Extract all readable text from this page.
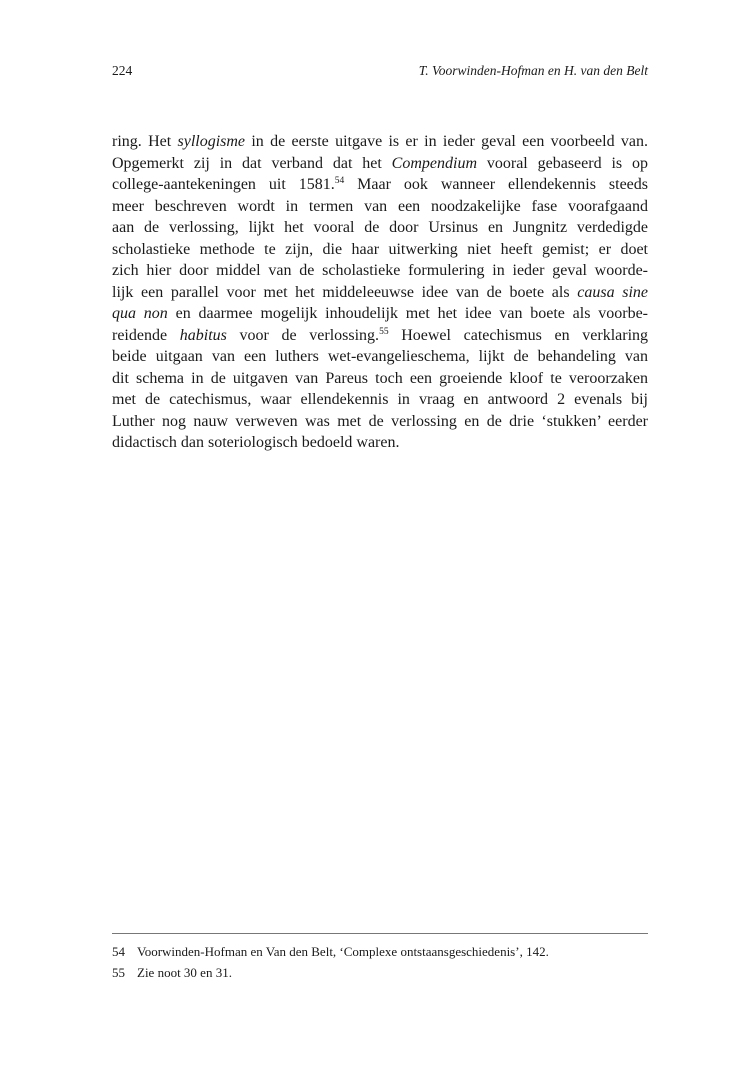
224	T. Voorwinden-Hofman en H. van den Belt
ring. Het syllogisme in de eerste uitgave is er in ieder geval een voorbeeld van.
Opgemerkt zij in dat verband dat het Compendium vooral gebaseerd is op
college-aantekeningen uit 1581.54 Maar ook wanneer ellendekennis steeds
meer beschreven wordt in termen van een noodzakelijke fase voorafgaand
aan de verlossing, lijkt het vooral de door Ursinus en Jungnitz verdedigde
scholastieke methode te zijn, die haar uitwerking niet heeft gemist; er doet
zich hier door middel van de scholastieke formulering in ieder geval woorde-
lijk een parallel voor met het middeleeuwse idee van de boete als causa sine
qua non en daarmee mogelijk inhoudelijk met het idee van boete als voorbe-
reidende habitus voor de verlossing.$^{55}$ Hoewel catechismus en verklaring
beide uitgaan van een luthers wet-evangelieschema, lijkt de behandeling van
dit schema in de uitgaven van Pareus toch een groeiende kloof te veroorzaken
met de catechismus, waar ellendekennis in vraag en antwoord 2 evenals bij
Luther nog nauw verweven was met de verlossing en de drie ‘stukken’ eerder
didactisch dan soteriologisch bedoeld waren.
54 Voorwinden-Hofman en Van den Belt, ‘Complexe ontstaansgeschiedenis’, 142.
55 Zie noot 30 en 31.
